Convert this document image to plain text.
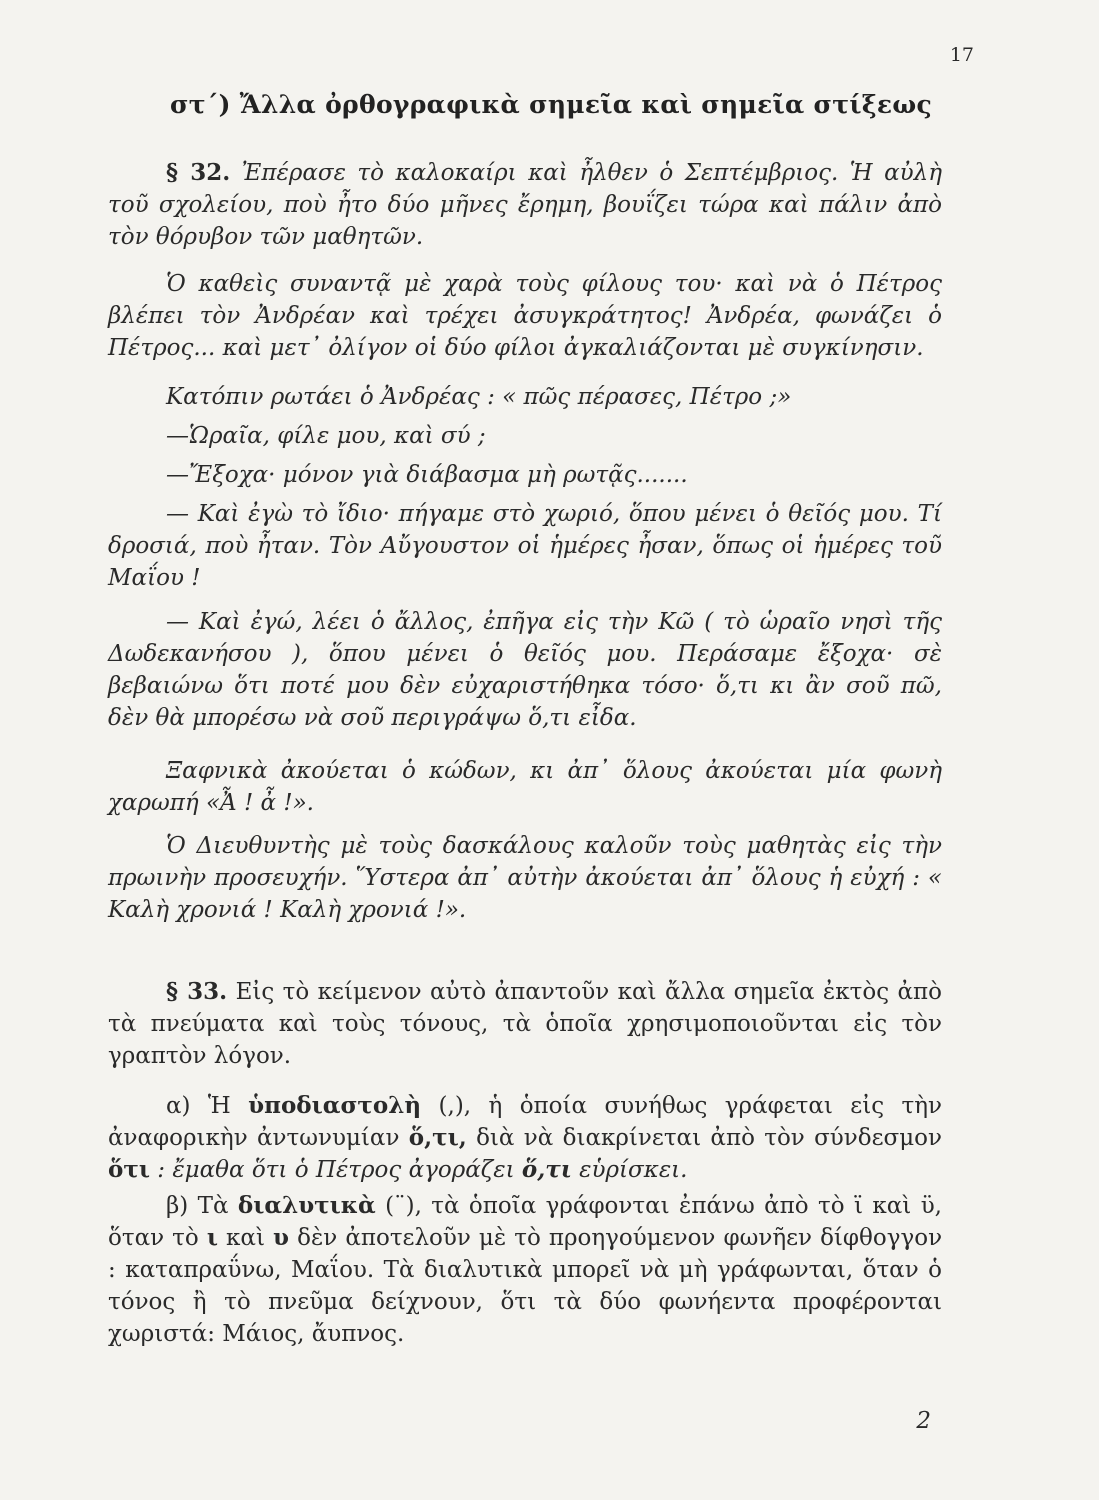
17
στ΄) Ἄλλα ὀρθογραφικὰ σημεῖα καὶ σημεῖα στίξεως

§ 32. Ἐπέρασε τὸ καλοκαίρι καὶ ἦλθεν ὁ Σεπτέμβριος. Ἡ αὐλὴ τοῦ σχολείου, ποὺ ἦτο δύο μῆνες ἔρημη, βουΐζει τώρα καὶ πάλιν ἀπὸ τὸν θόρυβον τῶν μαθητῶν.

Ὁ καθεὶς συναντᾷ μὲ χαρὰ τοὺς φίλους του· καὶ νὰ ὁ Πέτρος βλέπει τὸν Ἀνδρέαν καὶ τρέχει ἀσυγκράτητος! Ἀνδρέα, φωνάζει ὁ Πέτρος... καὶ μετ᾽ ὀλίγον οἱ δύο φίλοι ἀγκαλιάζονται μὲ συγκίνησιν.

Κατόπιν ρωτάει ὁ Ἀνδρέας : « πῶς πέρασες, Πέτρο ;»

—Ὡραῖα, φίλε μου, καὶ σύ ;

—Ἔξοχα· μόνον γιὰ διάβασμα μὴ ρωτᾷς.......

— Καὶ ἐγὼ τὸ ἴδιο· πήγαμε στὸ χωριό, ὅπου μένει ὁ θεῖός μου. Τί δροσιά, ποὺ ἦταν. Τὸν Αὔγουστον οἱ ἡμέρες ἦσαν, ὅπως οἱ ἡμέρες τοῦ Μαΐου !

— Καὶ ἐγώ, λέει ὁ ἄλλος, ἐπῆγα εἰς τὴν Κῶ ( τὸ ὡραῖο νησὶ τῆς Δωδεκανήσου ), ὅπου μένει ὁ θεῖός μου. Περάσαμε ἔξοχα· σὲ βεβαιώνω ὅτι ποτέ μου δὲν εὐχαριστήθηκα τόσο· ὅ,τι κι ἂν σοῦ πῶ, δὲν θὰ μπορέσω νὰ σοῦ περιγράψω ὅ,τι εἶδα.

Ξαφνικὰ ἀκούεται ὁ κώδων, κι ἀπ᾽ ὅλους ἀκούεται μία φωνὴ χαρωπή «Ἆ ! ἆ !».

Ὁ Διευθυντὴς μὲ τοὺς δασκάλους καλοῦν τοὺς μαθητὰς εἰς τὴν πρωινὴν προσευχήν. Ὕστερα ἀπ᾽ αὐτὴν ἀκούεται ἀπ᾽ ὅλους ἡ εὐχή : « Καλὴ χρονιά ! Καλὴ χρονιά !».

§ 33. Εἰς τὸ κείμενον αὐτὸ ἀπαντοῦν καὶ ἄλλα σημεῖα ἐκτὸς ἀπὸ τὰ πνεύματα καὶ τοὺς τόνους, τὰ ὁποῖα χρησιμοποιοῦνται εἰς τὸν γραπτὸν λόγον.

α) Ἡ ὑποδιαστολὴ (,), ἡ ὁποία συνήθως γράφεται εἰς τὴν ἀναφορικὴν ἀντωνυμίαν ὅ,τι, διὰ νὰ διακρίνεται ἀπὸ τὸν σύνδεσμον ὅτι : ἔμαθα ὅτι ὁ Πέτρος ἀγοράζει ὅ,τι εὑρίσκει.

β) Τὰ διαλυτικὰ (¨), τὰ ὁποῖα γράφονται ἐπάνω ἀπὸ τὸ ϊ καὶ ϋ, ὅταν τὸ ι καὶ υ δὲν ἀποτελοῦν μὲ τὸ προηγούμενον φωνῆεν δίφθογγον : καταπραΰνω, Μαΐου. Τὰ διαλυτικὰ μπορεῖ νὰ μὴ γράφωνται, ὅταν ὁ τόνος ἢ τὸ πνεῦμα δείχνουν, ὅτι τὰ δύο φωνήεντα προφέρονται χωριστά: Μάιος, ἄυπνος.

2
